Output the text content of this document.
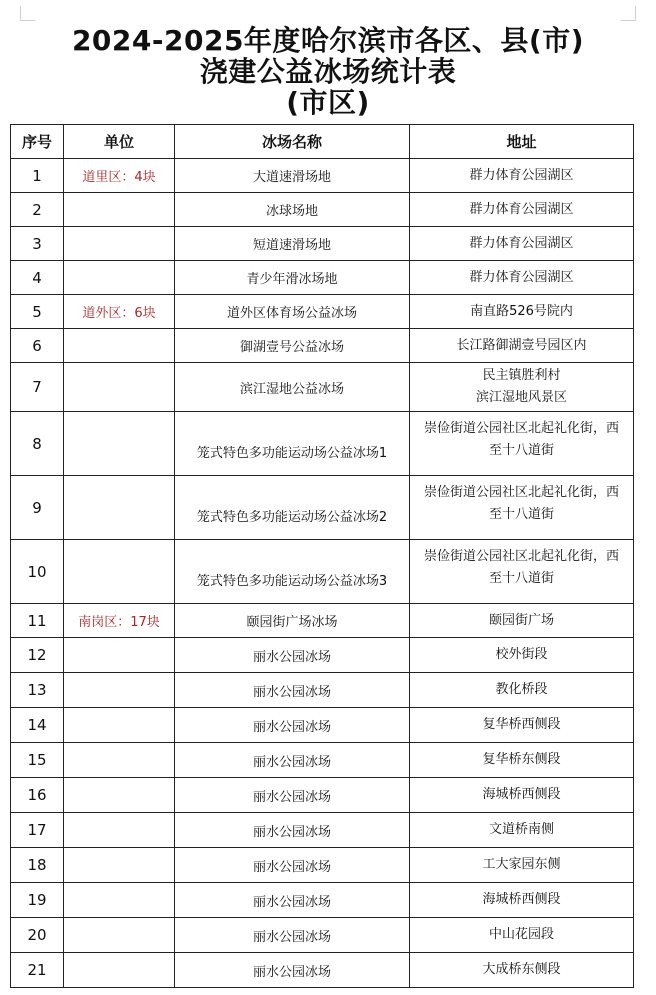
2024-2025年度哈尔滨市各区、县(市)
浇建公益冰场统计表
(市区)
序号	单位	冰场名称	地址
1	道里区：4块	大道速滑场地	群力体育公园湖区
2		冰球场地	群力体育公园湖区
3		短道速滑场地	群力体育公园湖区
4		青少年滑冰场地	群力体育公园湖区
5	道外区：6块	道外区体育场公益冰场	南直路526号院内
6		御湖壹号公益冰场	长江路御湖壹号园区内
7		滨江湿地公益冰场	民主镇胜利村
滨江湿地风景区

8		笼式特色多功能运动场公益冰场1	崇俭街道公园社区北起礼化街，西
至十八道街

9		笼式特色多功能运动场公益冰场2	崇俭街道公园社区北起礼化街，西
至十八道街

10		笼式特色多功能运动场公益冰场3	崇俭街道公园社区北起礼化街，西
至十八道街

11	南岗区：17块	颐园街广场冰场	颐园街广场
12		丽水公园冰场	校外街段
13		丽水公园冰场	教化桥段
14		丽水公园冰场	复华桥西侧段
15		丽水公园冰场	复华桥东侧段
16		丽水公园冰场	海城桥西侧段
17		丽水公园冰场	文道桥南侧
18		丽水公园冰场	工大家园东侧
19		丽水公园冰场	海城桥西侧段
20		丽水公园冰场	中山花园段
21		丽水公园冰场	大成桥东侧段
